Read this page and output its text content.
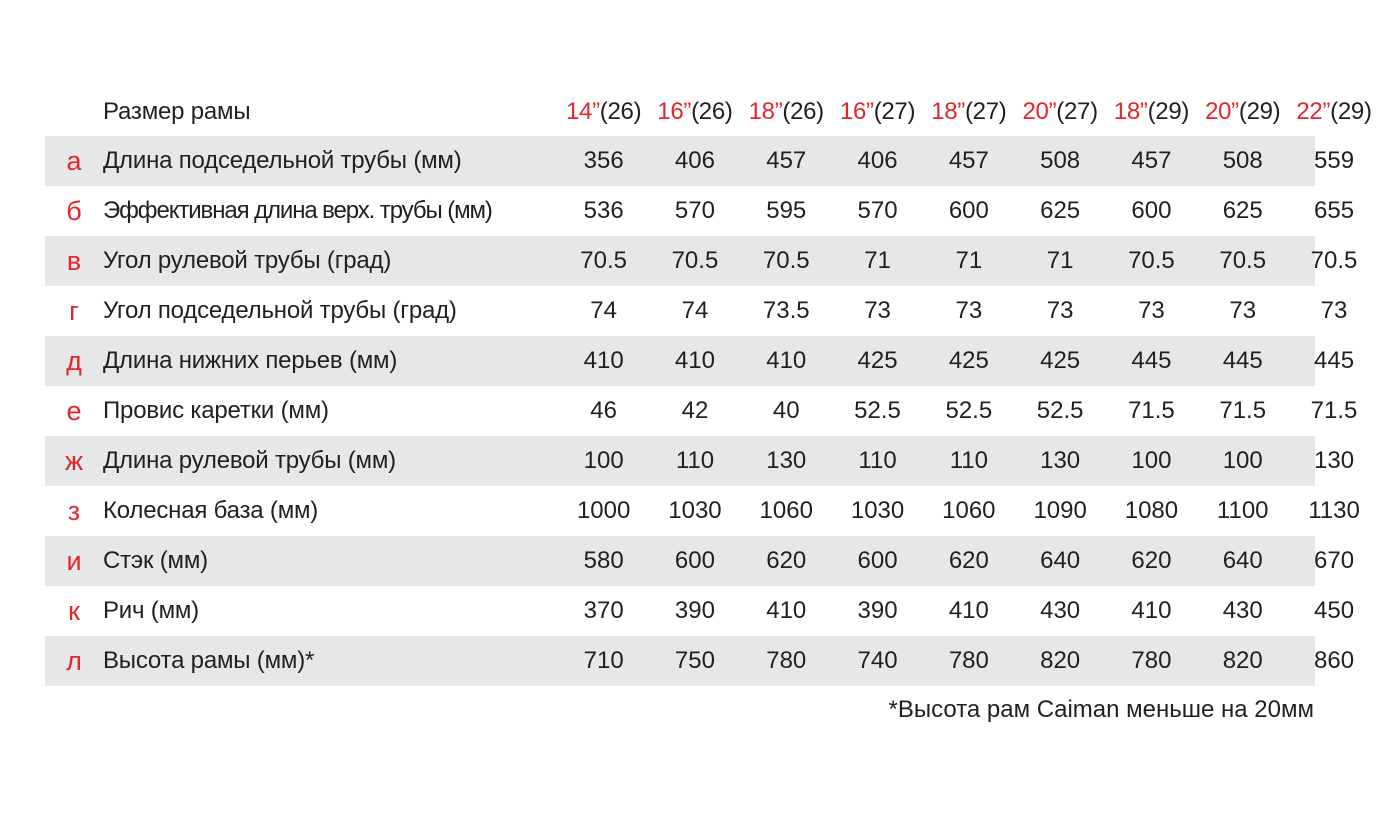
Размер рамы	14”(26) 16”(26) 18”(26) 16”(27) 18”(27) 20”(27) 18”(29) 20”(29) 22”(29)
а Длина подседельной трубы (мм)	356	406	457	406	457	508	457	508	559
б Эффективная длина верх. трубы (мм)	536	570	595	570	600	625	600	625	655
в Угол рулевой трубы (град)	70.5	70.5	70.5	71	71	71	70.5	70.5	70.5
г	Угол подседельной трубы (град)	74	74	73.5	73	73	73	73	73	73
д Длина нижних перьев (мм)	410	410	410	425	425	425	445	445	445
е Провис каретки (мм)	46	42	40	52.5	52.5	52.5	71.5	71.5	71.5
ж Длина рулевой трубы (мм)	100	110	130	110	110	130	100	100	130
з Колесная база (мм)	1000	1030	1060	1030	1060	1090	1080	1100	1130
и Стэк (мм)	580	600	620	600	620	640	620	640	670
к Рич (мм)	370	390	410	390	410	430	410	430	450
л Высота рамы (мм)*	710	750	780	740	780	820	780	820	860
*Высота рам Caiman меньше на 20мм
